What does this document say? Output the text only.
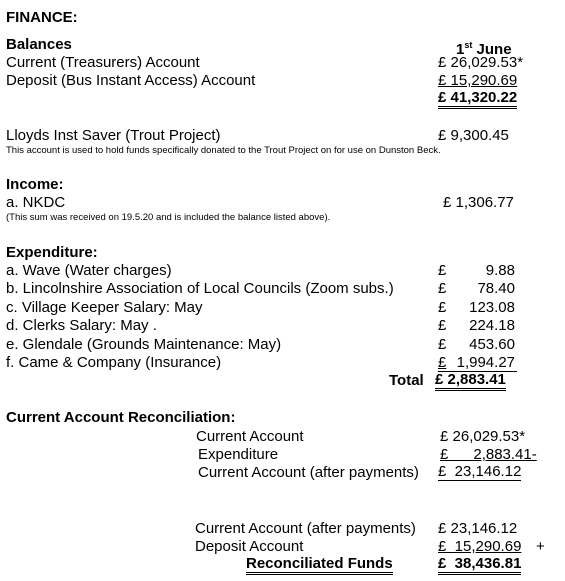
FINANCE:
Balances	1st June
Current (Treasurers) Account	£ 26,029.53*
Deposit (Bus Instant Access) Account	£ 15,290.69
£ 41,320.22
Lloyds Inst Saver (Trout Project)	£ 9,300.45
This account is used to hold funds specifically donated to the Trout Project on for use on Dunston Beck.
Income:
a. NKDC	£ 1,306.77
(This sum was received on 19.5.20 and is included the balance listed above).
Expenditure:
a. Wave (Water charges)	£	9.88
b. Lincolnshire Association of Local Councils (Zoom subs.)	£	78.40
c. Village Keeper Salary: May	£	123.08
d. Clerks Salary: May .	£	224.18
e. Glendale (Grounds Maintenance: May)	£	453.60
f. Came & Company (Insurance)	£ 1,994.27
Total £ 2,883.41
Current Account Reconciliation:
Current Account	£ 26,029.53*
Expenditure	£      2,883.41-
Current Account (after payments) £  23,146.12
Current Account (after payments) £ 23,146.12
Deposit Account	£  15,290.69 +
Reconciliated Funds	£  38,436.81
